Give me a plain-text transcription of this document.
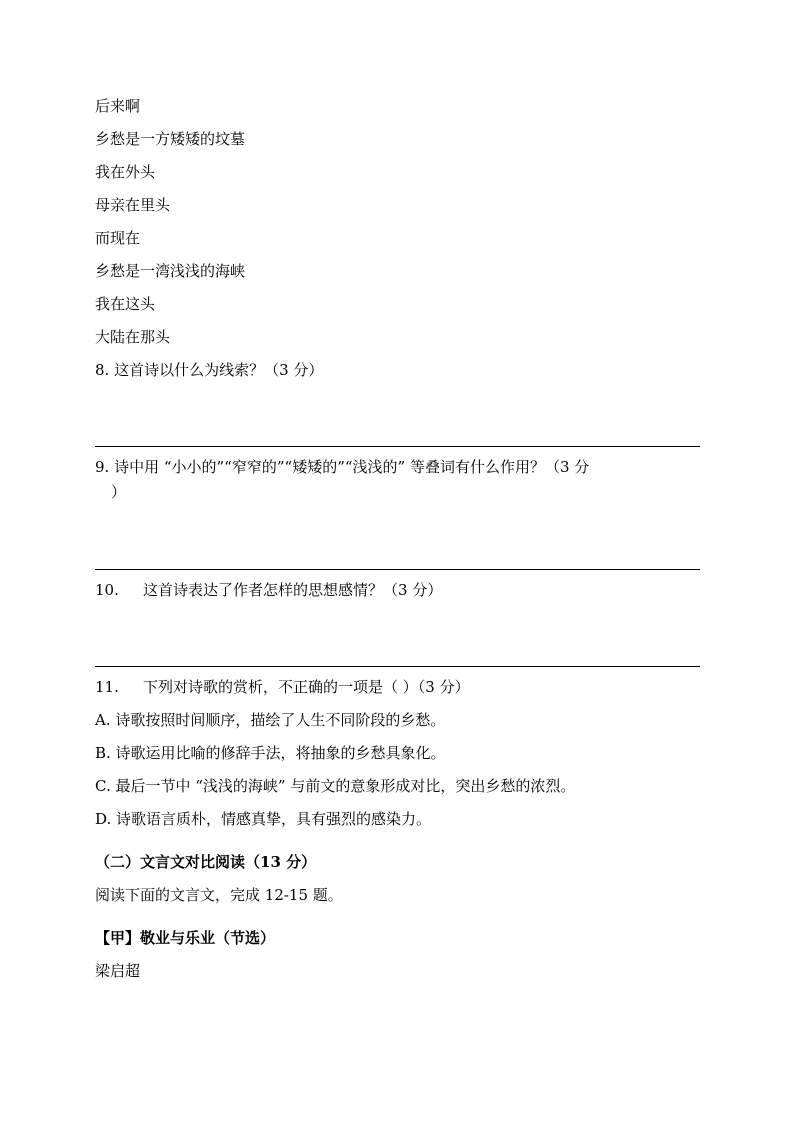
后来啊
乡愁是一方矮矮的坟墓
我在外头
母亲在里头
而现在
乡愁是一湾浅浅的海峡
我在这头
大陆在那头
8. 这首诗以什么为线索？（3 分）
9. 诗中用 “小小的”“窄窄的”“矮矮的”“浅浅的” 等叠词有什么作用？（3 分
）
10. 这首诗表达了作者怎样的思想感情？（3 分）
11. 下列对诗歌的赏析，不正确的一项是（ ）（3 分）
A. 诗歌按照时间顺序，描绘了人生不同阶段的乡愁。
B. 诗歌运用比喻的修辞手法，将抽象的乡愁具象化。
C. 最后一节中 “浅浅的海峡” 与前文的意象形成对比，突出乡愁的浓烈。
D. 诗歌语言质朴，情感真挚，具有强烈的感染力。
（二）文言文对比阅读（13 分）
阅读下面的文言文，完成 12-15 题。
【甲】敬业与乐业（节选）
梁启超
